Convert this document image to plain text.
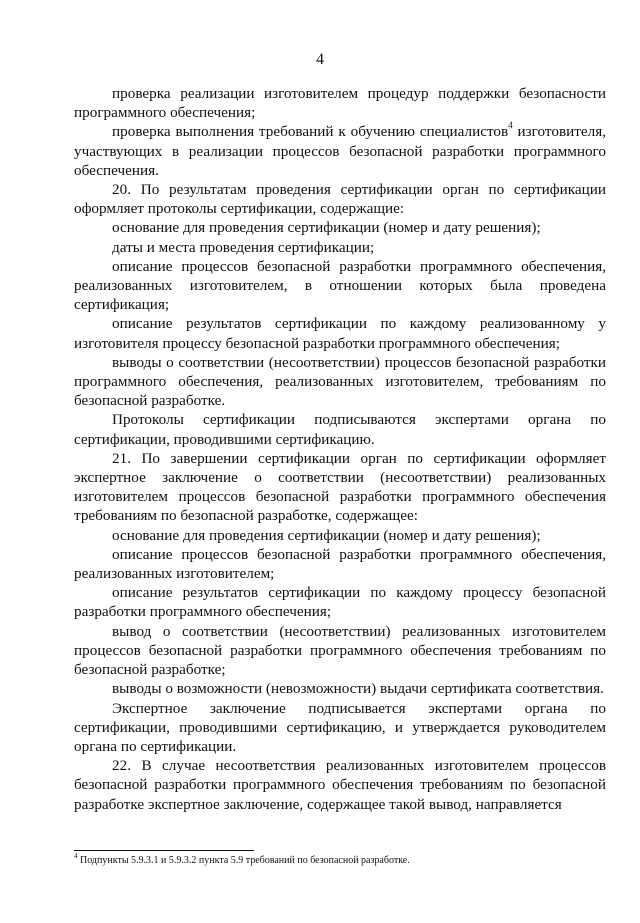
4

проверка реализации изготовителем процедур поддержки безопасности программного обеспечения;

проверка выполнения требований к обучению специалистов$^4$ изготовителя, участвующих в реализации процессов безопасной разработки программного обеспечения.

20. По результатам проведения сертификации орган по сертификации оформляет протоколы сертификации, содержащие:

основание для проведения сертификации (номер и дату решения);

даты и места проведения сертификации;

описание процессов безопасной разработки программного обеспечения, реализованных изготовителем, в отношении которых была проведена сертификация;

описание результатов сертификации по каждому реализованному у изготовителя процессу безопасной разработки программного обеспечения;

выводы о соответствии (несоответствии) процессов безопасной разработки программного обеспечения, реализованных изготовителем, требованиям по безопасной разработке.

Протоколы сертификации подписываются экспертами органа по сертификации, проводившими сертификацию.

21. По завершении сертификации орган по сертификации оформляет экспертное заключение о соответствии (несоответствии) реализованных изготовителем процессов безопасной разработки программного обеспечения требованиям по безопасной разработке, содержащее:

основание для проведения сертификации (номер и дату решения);

описание процессов безопасной разработки программного обеспечения, реализованных изготовителем;

описание результатов сертификации по каждому процессу безопасной разработки программного обеспечения;

вывод о соответствии (несоответствии) реализованных изготовителем процессов безопасной разработки программного обеспечения требованиям по безопасной разработке;

выводы о возможности (невозможности) выдачи сертификата соответствия.

Экспертное заключение подписывается экспертами органа по сертификации, проводившими сертификацию, и утверждается руководителем органа по сертификации.

22. В случае несоответствия реализованных изготовителем процессов безопасной разработки программного обеспечения требованиям по безопасной разработке экспертное заключение, содержащее такой вывод, направляется

$^4$ Подпункты 5.9.3.1 и 5.9.3.2 пункта 5.9 требований по безопасной разработке.
